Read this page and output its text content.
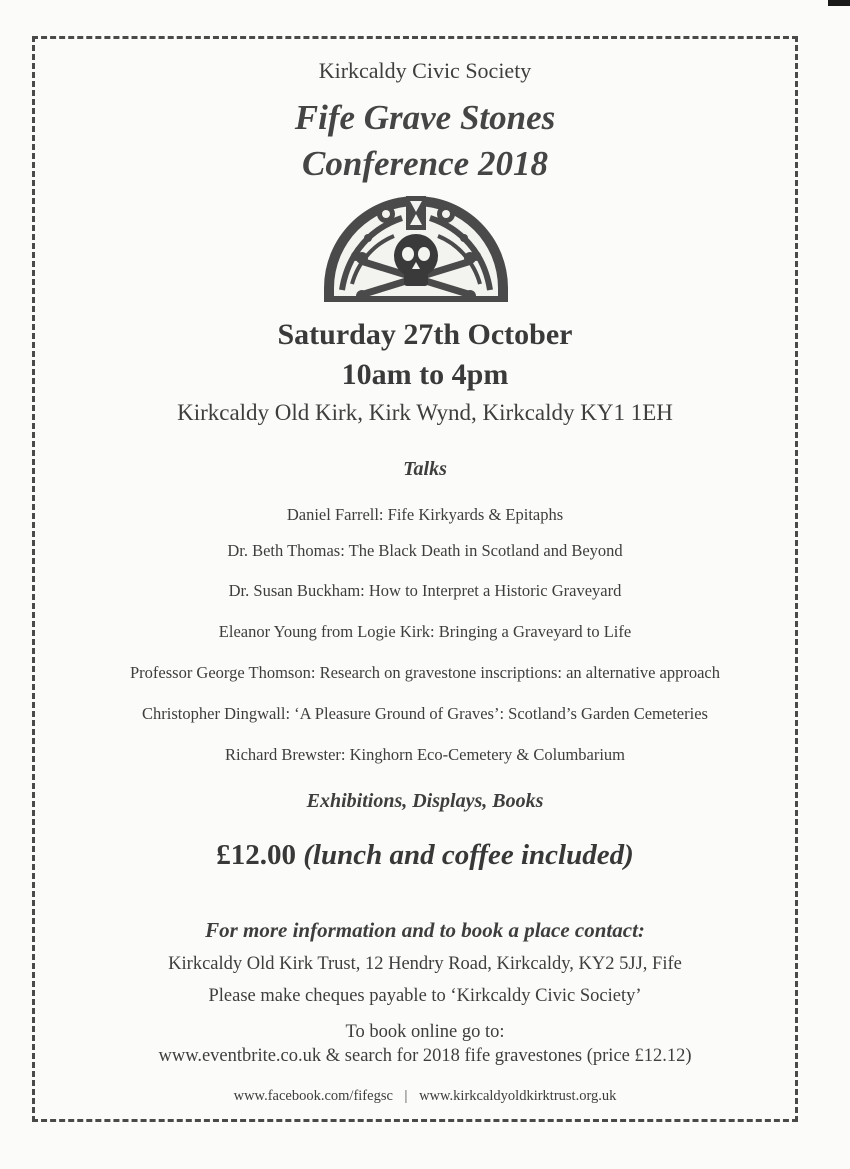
Kirkcaldy Civic Society
Fife Grave Stones
Conference 2018
Saturday 27th October
10am to 4pm
Kirkcaldy Old Kirk, Kirk Wynd, Kirkcaldy KY1 1EH
Talks
Daniel Farrell: Fife Kirkyards & Epitaphs
Dr. Beth Thomas: The Black Death in Scotland and Beyond
Dr. Susan Buckham: How to Interpret a Historic Graveyard
Eleanor Young from Logie Kirk: Bringing a Graveyard to Life
Professor George Thomson: Research on gravestone inscriptions: an alternative approach
Christopher Dingwall: ‘A Pleasure Ground of Graves’: Scotland’s Garden Cemeteries
Richard Brewster: Kinghorn Eco-Cemetery & Columbarium
Exhibitions, Displays, Books
£12.00 (lunch and coffee included)
For more information and to book a place contact:
Kirkcaldy Old Kirk Trust, 12 Hendry Road, Kirkcaldy, KY2 5JJ, Fife
Please make cheques payable to ‘Kirkcaldy Civic Society’
To book online go to:
www.eventbrite.co.uk & search for 2018 fife gravestones (price £12.12)
www.facebook.com/fifegsc | www.kirkcaldyoldkirktrust.org.uk
